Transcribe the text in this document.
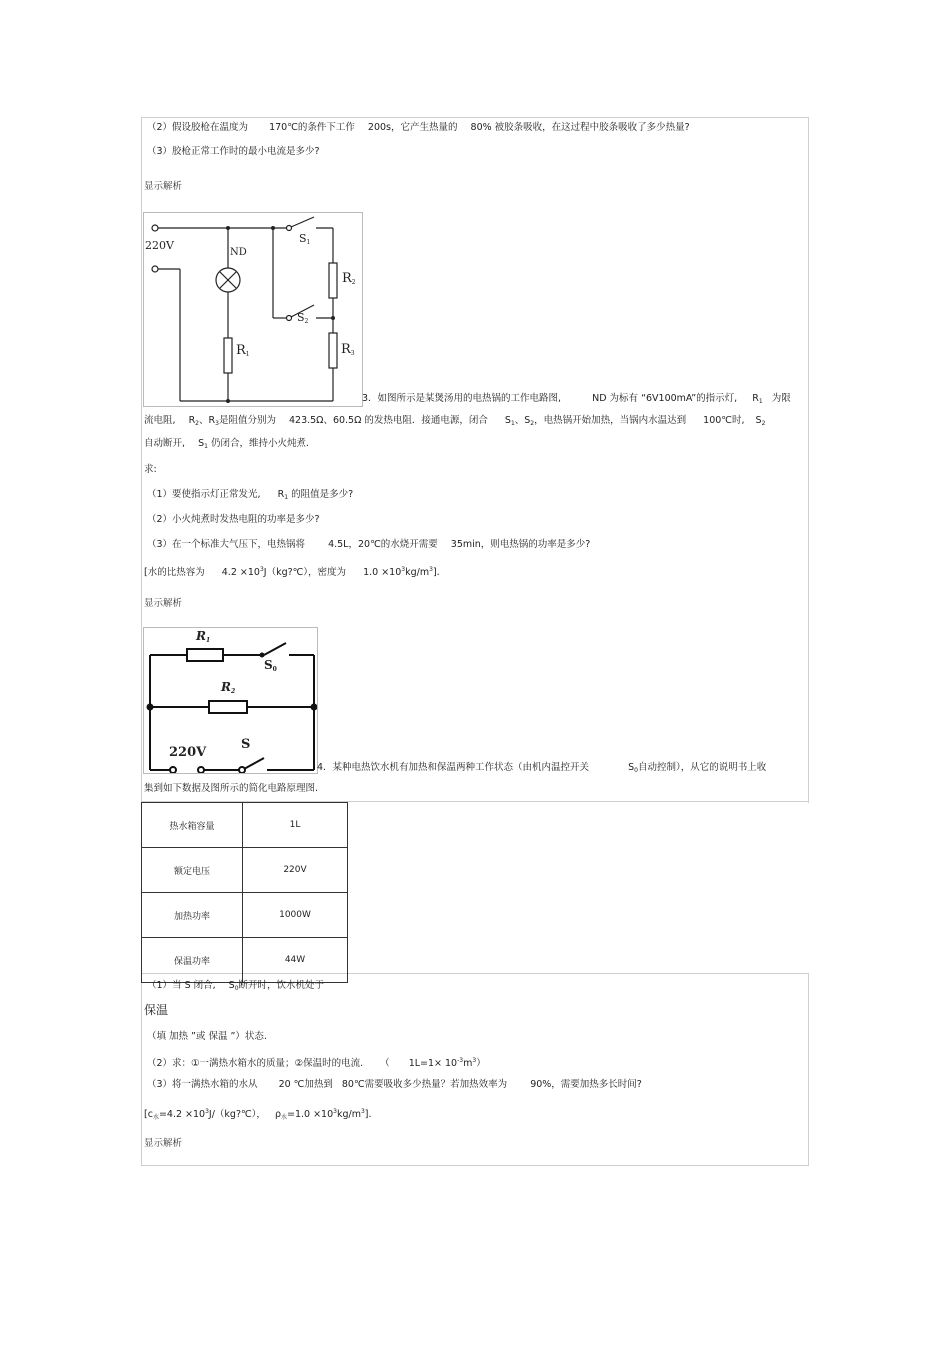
（2）假设胶枪在温度为 170℃的条件下工作 200s，它产生热量的 80% 被胶条吸收，在这过程中胶条吸收了多少热量?
（3）胶枪正常工作时的最小电流是多少?
显示解析
220V
ND
$S_1$
$S_2$
$R_1$
$R_2$
$R_3$
3．如图所示是某煲汤用的电热锅的工作电路图,	ND 为标有 “6V100mA”的指示灯, $R_1$ 为限
流电阻, $R_2$、$R_3$是阻值分别为 423.5Ω、60.5Ω 的发热电阻．接通电源，闭合 $S_1$、$S_2$，电热锅开始加热，当锅内水温达到 100℃时, $S_2$
自动断开, $S_1$ 仍闭合，维持小火炖煮．
求:
（1）要使指示灯正常发光, $R_1$ 的阻值是多少?
（2）小火炖煮时发热电阻的功率是多少?
（3）在一个标准大气压下，电热锅将 4.5L，20℃的水烧开需要 35min，则电热锅的功率是多少?
[水的比热容为 $4.2 \times 10^3J(kg?℃)$，密度为 $1.0 \times 10^3kg/m^3$]．
显示解析
$R_1$
$R_2$
$S_0$
220V
S
4．某种电热饮水机有加热和保温两种工作状态（由机内温控开关	$S_0$自动控制），从它的说明书上收
集到如下数据及图所示的简化电路原理图.
热水箱容量	1L
额定电压	220V
加热功率	1000W
保温功率	44W
（1）当 S 闭合, $S_0$断开时，饮水机处于
保温
（填 加热 ”或 保温 ”）状态.
（2）求：①一满热水箱水的质量；②保温时的电流. （ $1L=1\times 10^{-3}m^3$）
（3）将一满热水箱的水从 20 ℃加热到 80℃需要吸收多少热量？若加热效率为 90%，需要加热多长时间?
[$c_水=4.2$ $\times 10^3J/(kg?℃)$， $\rho_水=1.0 \times 10^3kg/m^3$].
显示解析
